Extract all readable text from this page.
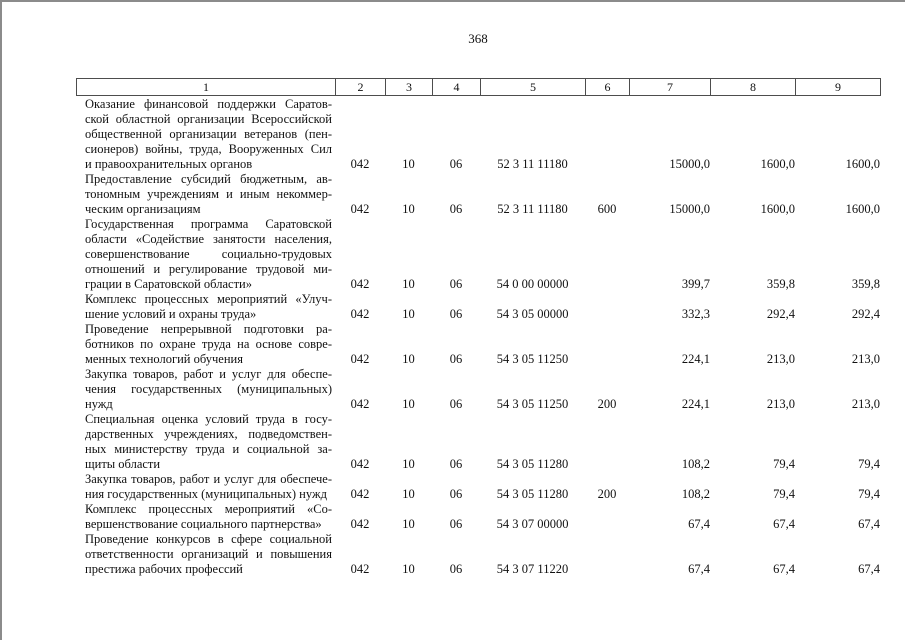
368
1	2	3	4	5	6	7	8	9
Оказание финансовой поддержки Саратов-
ской областной организации Всероссийской
общественной организации ветеранов (пен-
сионеров) войны, труда, Вооруженных Сил
и правоохранительных органов	042	10	06	52 3 11 11180		15000,0	1600,0	1600,0

Предоставление субсидий бюджетным, ав-
тономным учреждениям и иным некоммер-
ческим организациям	042	10	06	52 3 11 11180	600	15000,0	1600,0	1600,0

Государственная программа Саратовской
области «Содействие занятости населения,
совершенствование социально-трудовых
отношений и регулирование трудовой ми-
грации в Саратовской области»	042	10	06	54 0 00 00000		399,7	359,8	359,8

Комплекс процессных мероприятий «Улуч-
шение условий и охраны труда»	042	10	06	54 3 05 00000		332,3	292,4	292,4

Проведение непрерывной подготовки ра-
ботников по охране труда на основе совре-
менных технологий обучения	042	10	06	54 3 05 11250		224,1	213,0	213,0

Закупка товаров, работ и услуг для обеспе-
чения государственных (муниципальных)
нужд	042	10	06	54 3 05 11250	200	224,1	213,0	213,0

Специальная оценка условий труда в госу-
дарственных учреждениях, подведомствен-
ных министерству труда и социальной за-
щиты области	042	10	06	54 3 05 11280		108,2	79,4	79,4

Закупка товаров, работ и услуг для обеспече-
ния государственных (муниципальных) нужд	042	10	06	54 3 05 11280	200	108,2	79,4	79,4

Комплекс процессных мероприятий «Со-
вершенствование социального партнерства»	042	10	06	54 3 07 00000		67,4	67,4	67,4

Проведение конкурсов в сфере социальной
ответственности организаций и повышения
престижа рабочих профессий	042	10	06	54 3 07 11220		67,4	67,4	67,4
